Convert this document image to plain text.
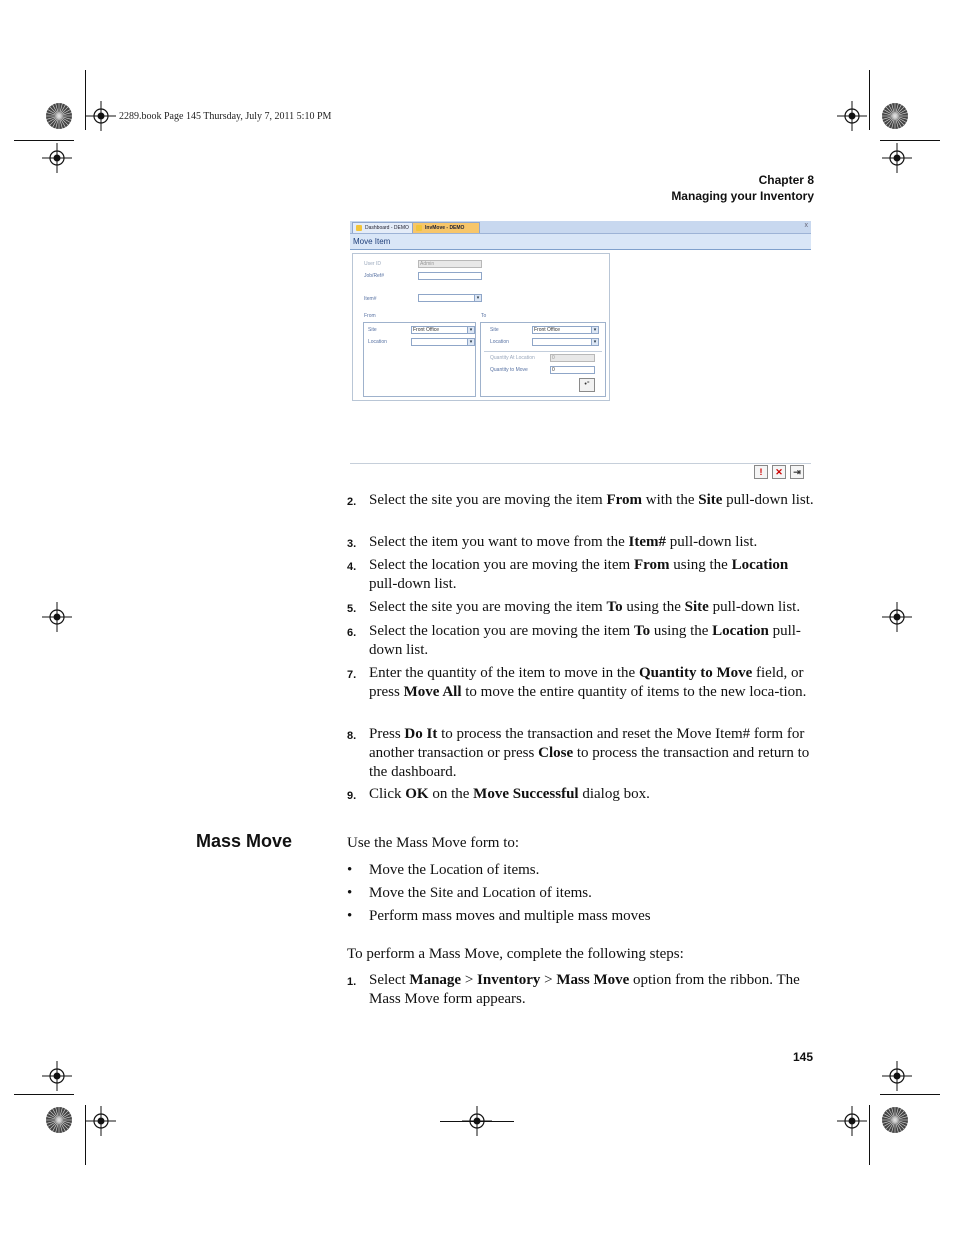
2289.book Page 145 Thursday, July 7, 2011 5:10 PM
Chapter 8
Managing your Inventory
Dashboard - DEMO	InvMove - DEMO	x
Move Item
User ID	Admin
Job/Ref#
Item#	▾
From	To
Site	Front Office	▾
Location	▾
Site	Front Office	▾
Location	▾
Quantity At Location	0
Quantity to Move	0
•°
!	✕	⇥
2. Select the site you are moving the item From with the Site pull-down list.
3. Select the item you want to move from the Item# pull-down list.
4. Select the location you are moving the item From using the Location pull-down list.
5. Select the site you are moving the item To using the Site pull-down list.
6. Select the location you are moving the item To using the Location pull-down list.
7. Enter the quantity of the item to move in the Quantity to Move field, or press Move All to move the entire quantity of items to the new loca-tion.
8. Press Do It to process the transaction and reset the Move Item# form for another transaction or press Close to process the transaction and return to the dashboard.
9. Click OK on the Move Successful dialog box.
Mass Move	Use the Mass Move form to:
• Move the Location of items.
• Move the Site and Location of items.
• Perform mass moves and multiple mass moves
To perform a Mass Move, complete the following steps:
1. Select Manage > Inventory > Mass Move option from the ribbon. The Mass Move form appears.
145
